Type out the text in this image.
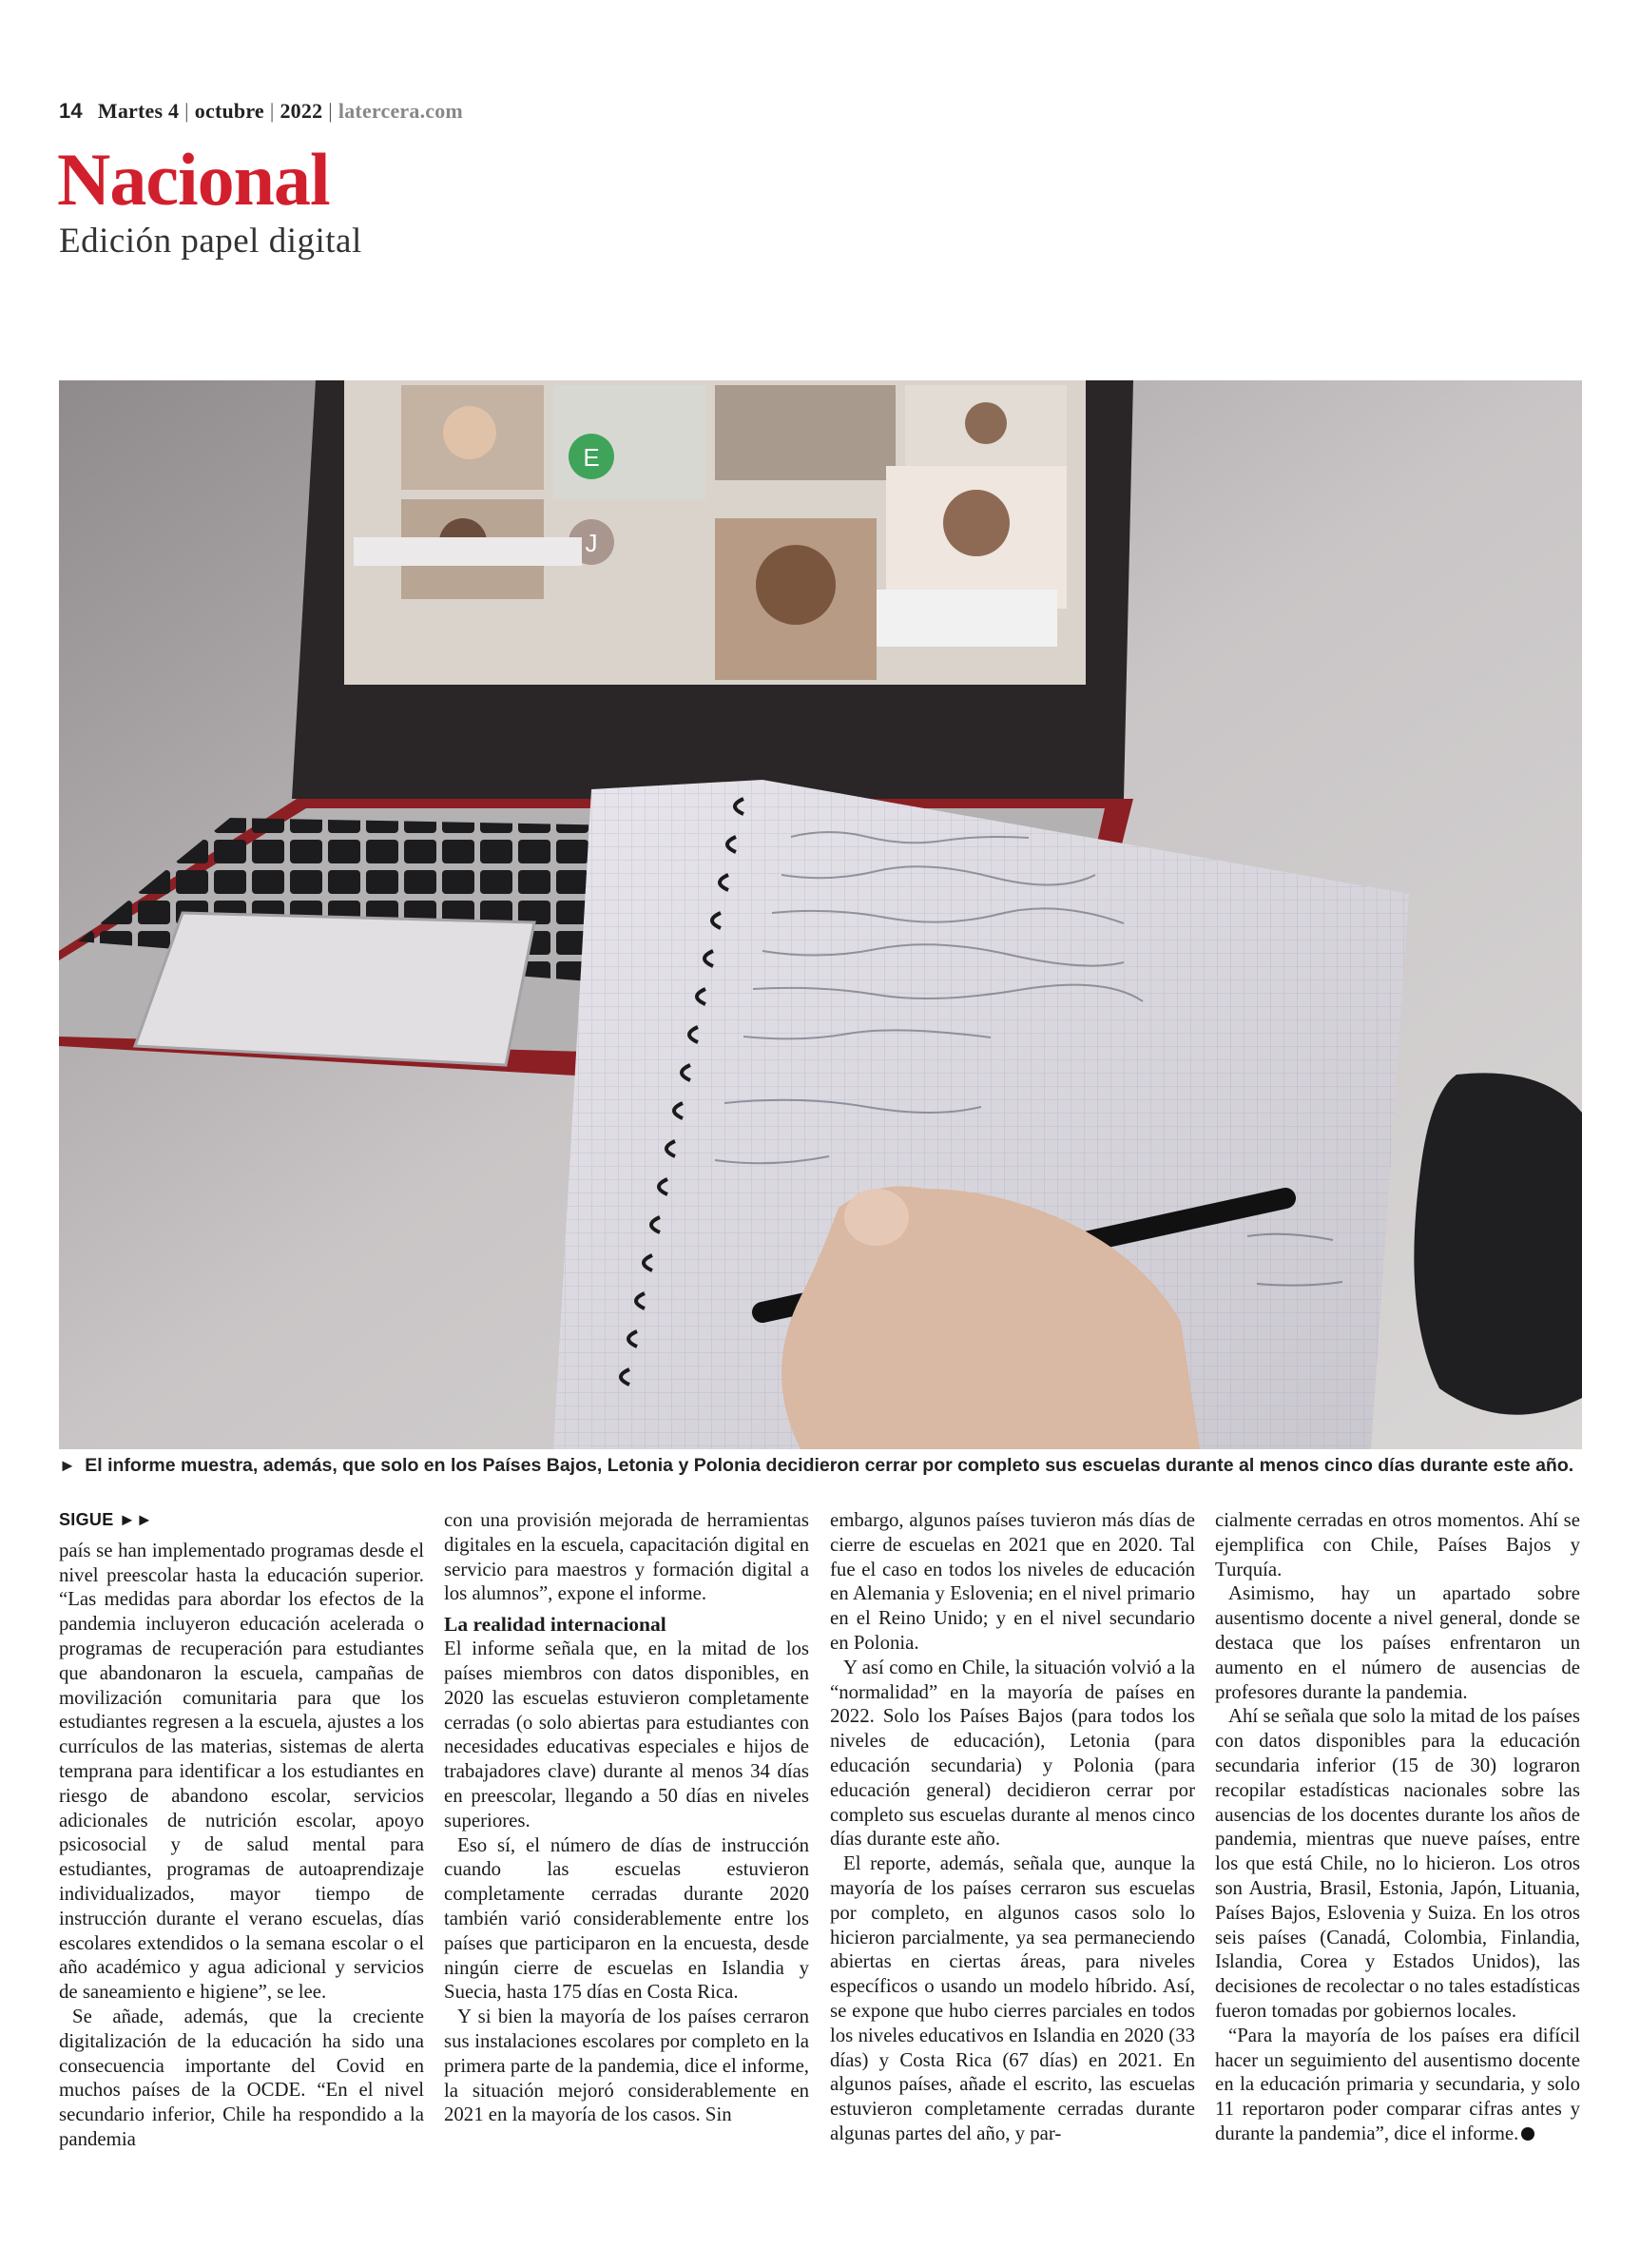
14 Martes 4 | octubre | 2022 | latercera.com
Nacional
Edición papel digital
E
J
► El informe muestra, además, que solo en los Países Bajos, Letonia y Polonia decidieron cerrar por completo sus escuelas durante al menos cinco días durante este año.
SIGUE ►►

país se han implementado programas desde el nivel preescolar hasta la educación superior. “Las medidas para abordar los efectos de la pandemia incluyeron educación acelerada o programas de recuperación para estudiantes que abandonaron la escuela, campañas de movilización comunitaria para que los estudiantes regresen a la escuela, ajustes a los currículos de las materias, sistemas de alerta temprana para identificar a los estudiantes en riesgo de abandono escolar, servicios adicionales de nutrición escolar, apoyo psicosocial y de salud mental para estudiantes, programas de autoaprendizaje individualizados, mayor tiempo de instrucción durante el verano escuelas, días escolares extendidos o la semana escolar o el año académico y agua adicional y servicios de saneamiento e higiene”, se lee.

Se añade, además, que la creciente digitalización de la educación ha sido una consecuencia importante del Covid en muchos países de la OCDE. “En el nivel secundario inferior, Chile ha respondido a la pandemia

con una provisión mejorada de herramientas digitales en la escuela, capacitación digital en servicio para maestros y formación digital a los alumnos”, expone el informe.

La realidad internacional

El informe señala que, en la mitad de los países miembros con datos disponibles, en 2020 las escuelas estuvieron completamente cerradas (o solo abiertas para estudiantes con necesidades educativas especiales e hijos de trabajadores clave) durante al menos 34 días en preescolar, llegando a 50 días en niveles superiores.

Eso sí, el número de días de instrucción cuando las escuelas estuvieron completamente cerradas durante 2020 también varió considerablemente entre los países que participaron en la encuesta, desde ningún cierre de escuelas en Islandia y Suecia, hasta 175 días en Costa Rica.

Y si bien la mayoría de los países cerraron sus instalaciones escolares por completo en la primera parte de la pandemia, dice el informe, la situación mejoró considerablemente en 2021 en la mayoría de los casos. Sin

embargo, algunos países tuvieron más días de cierre de escuelas en 2021 que en 2020. Tal fue el caso en todos los niveles de educación en Alemania y Eslovenia; en el nivel primario en el Reino Unido; y en el nivel secundario en Polonia.

Y así como en Chile, la situación volvió a la “normalidad” en la mayoría de países en 2022. Solo los Países Bajos (para todos los niveles de educación), Letonia (para educación secundaria) y Polonia (para educación general) decidieron cerrar por completo sus escuelas durante al menos cinco días durante este año.

El reporte, además, señala que, aunque la mayoría de los países cerraron sus escuelas por completo, en algunos casos solo lo hicieron parcialmente, ya sea permaneciendo abiertas en ciertas áreas, para niveles específicos o usando un modelo híbrido. Así, se expone que hubo cierres parciales en todos los niveles educativos en Islandia en 2020 (33 días) y Costa Rica (67 días) en 2021. En algunos países, añade el escrito, las escuelas estuvieron completamente cerradas durante algunas partes del año, y par-

cialmente cerradas en otros momentos. Ahí se ejemplifica con Chile, Países Bajos y Turquía.

Asimismo, hay un apartado sobre ausentismo docente a nivel general, donde se destaca que los países enfrentaron un aumento en el número de ausencias de profesores durante la pandemia.

Ahí se señala que solo la mitad de los países con datos disponibles para la educación secundaria inferior (15 de 30) lograron recopilar estadísticas nacionales sobre las ausencias de los docentes durante los años de pandemia, mientras que nueve países, entre los que está Chile, no lo hicieron. Los otros son Austria, Brasil, Estonia, Japón, Lituania, Países Bajos, Eslovenia y Suiza. En los otros seis países (Canadá, Colombia, Finlandia, Islandia, Corea y Estados Unidos), las decisiones de recolectar o no tales estadísticas fueron tomadas por gobiernos locales.

“Para la mayoría de los países era difícil hacer un seguimiento del ausentismo docente en la educación primaria y secundaria, y solo 11 reportaron poder comparar cifras antes y durante la pandemia”, dice el informe.
